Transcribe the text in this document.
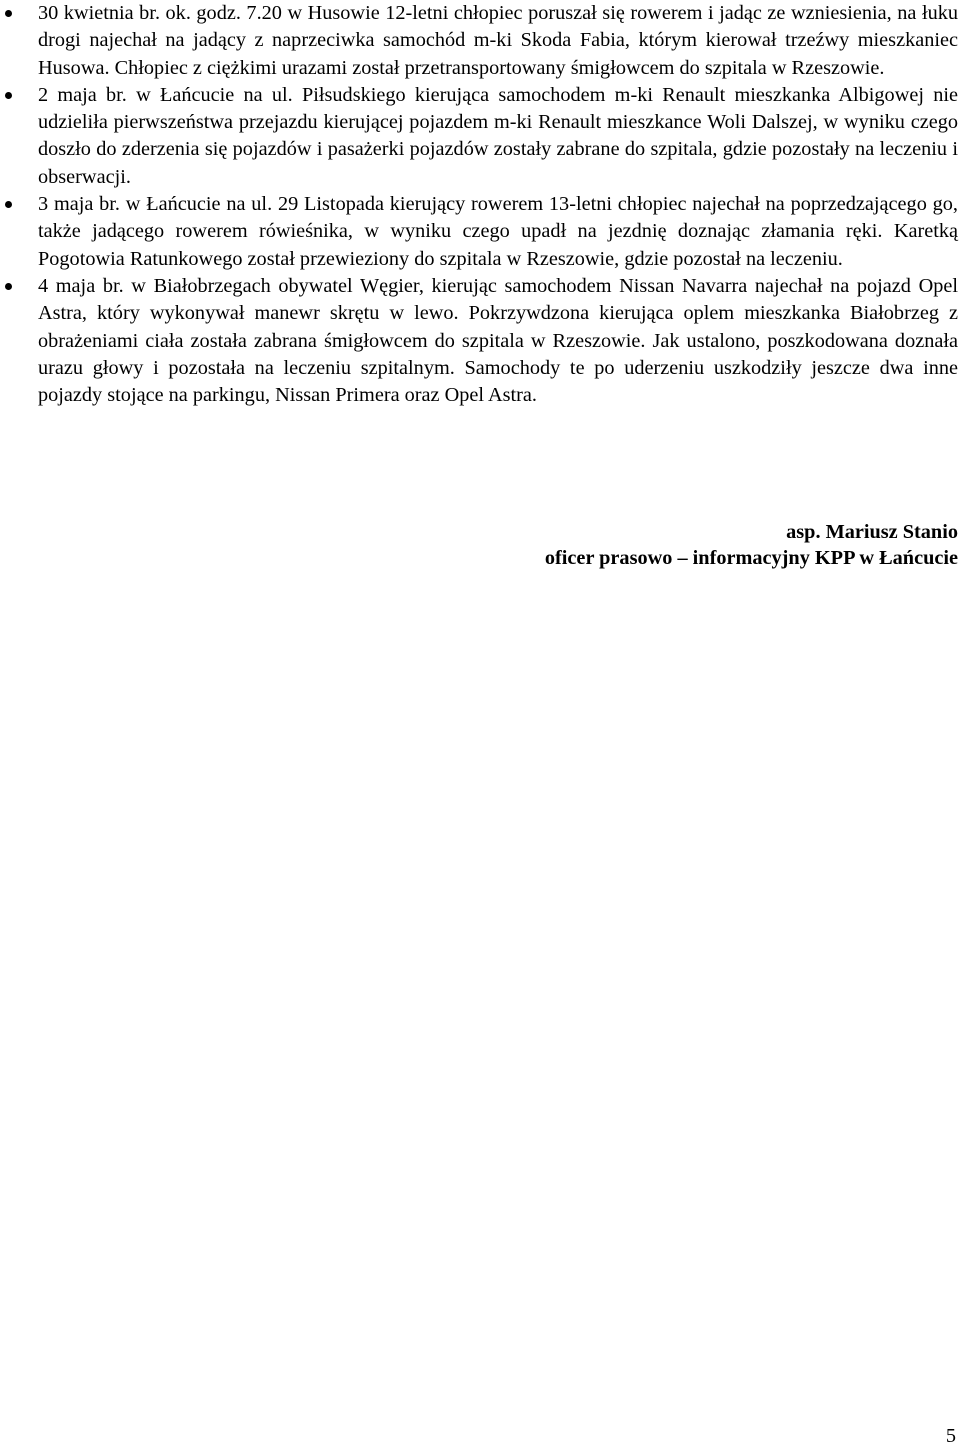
30 kwietnia br. ok. godz. 7.20 w Husowie 12-letni chłopiec poruszał się rowerem i jadąc ze wzniesienia, na łuku drogi najechał na jadący z naprzeciwka samochód m-ki Skoda Fabia, którym kierował trzeźwy mieszkaniec Husowa. Chłopiec z ciężkimi urazami został przetransportowany śmigłowcem do szpitala w Rzeszowie.
2 maja br. w Łańcucie na ul. Piłsudskiego kierująca samochodem m-ki Renault mieszkanka Albigowej nie udzieliła pierwszeństwa przejazdu kierującej pojazdem m-ki Renault mieszkance Woli Dalszej, w wyniku czego doszło do zderzenia się pojazdów i pasażerki pojazdów zostały zabrane do szpitala, gdzie pozostały na leczeniu i obserwacji.
3 maja br. w Łańcucie na ul. 29 Listopada kierujący rowerem 13-letni chłopiec najechał na poprzedzającego go, także jadącego rowerem rówieśnika, w wyniku czego upadł na jezdnię doznając złamania ręki. Karetką Pogotowia Ratunkowego został przewieziony do szpitala w Rzeszowie, gdzie pozostał na leczeniu.
4 maja br. w Białobrzegach obywatel Węgier, kierując samochodem Nissan Navarra najechał na pojazd Opel Astra, który wykonywał manewr skrętu w lewo. Pokrzywdzona kierująca oplem mieszkanka Białobrzeg z obrażeniami ciała została zabrana śmigłowcem do szpitala w Rzeszowie. Jak ustalono, poszkodowana doznała urazu głowy i pozostała na leczeniu szpitalnym. Samochody te po uderzeniu uszkodziły jeszcze dwa inne pojazdy stojące na parkingu, Nissan Primera oraz Opel Astra.
asp. Mariusz Stanio
oficer prasowo – informacyjny KPP w Łańcucie
5
